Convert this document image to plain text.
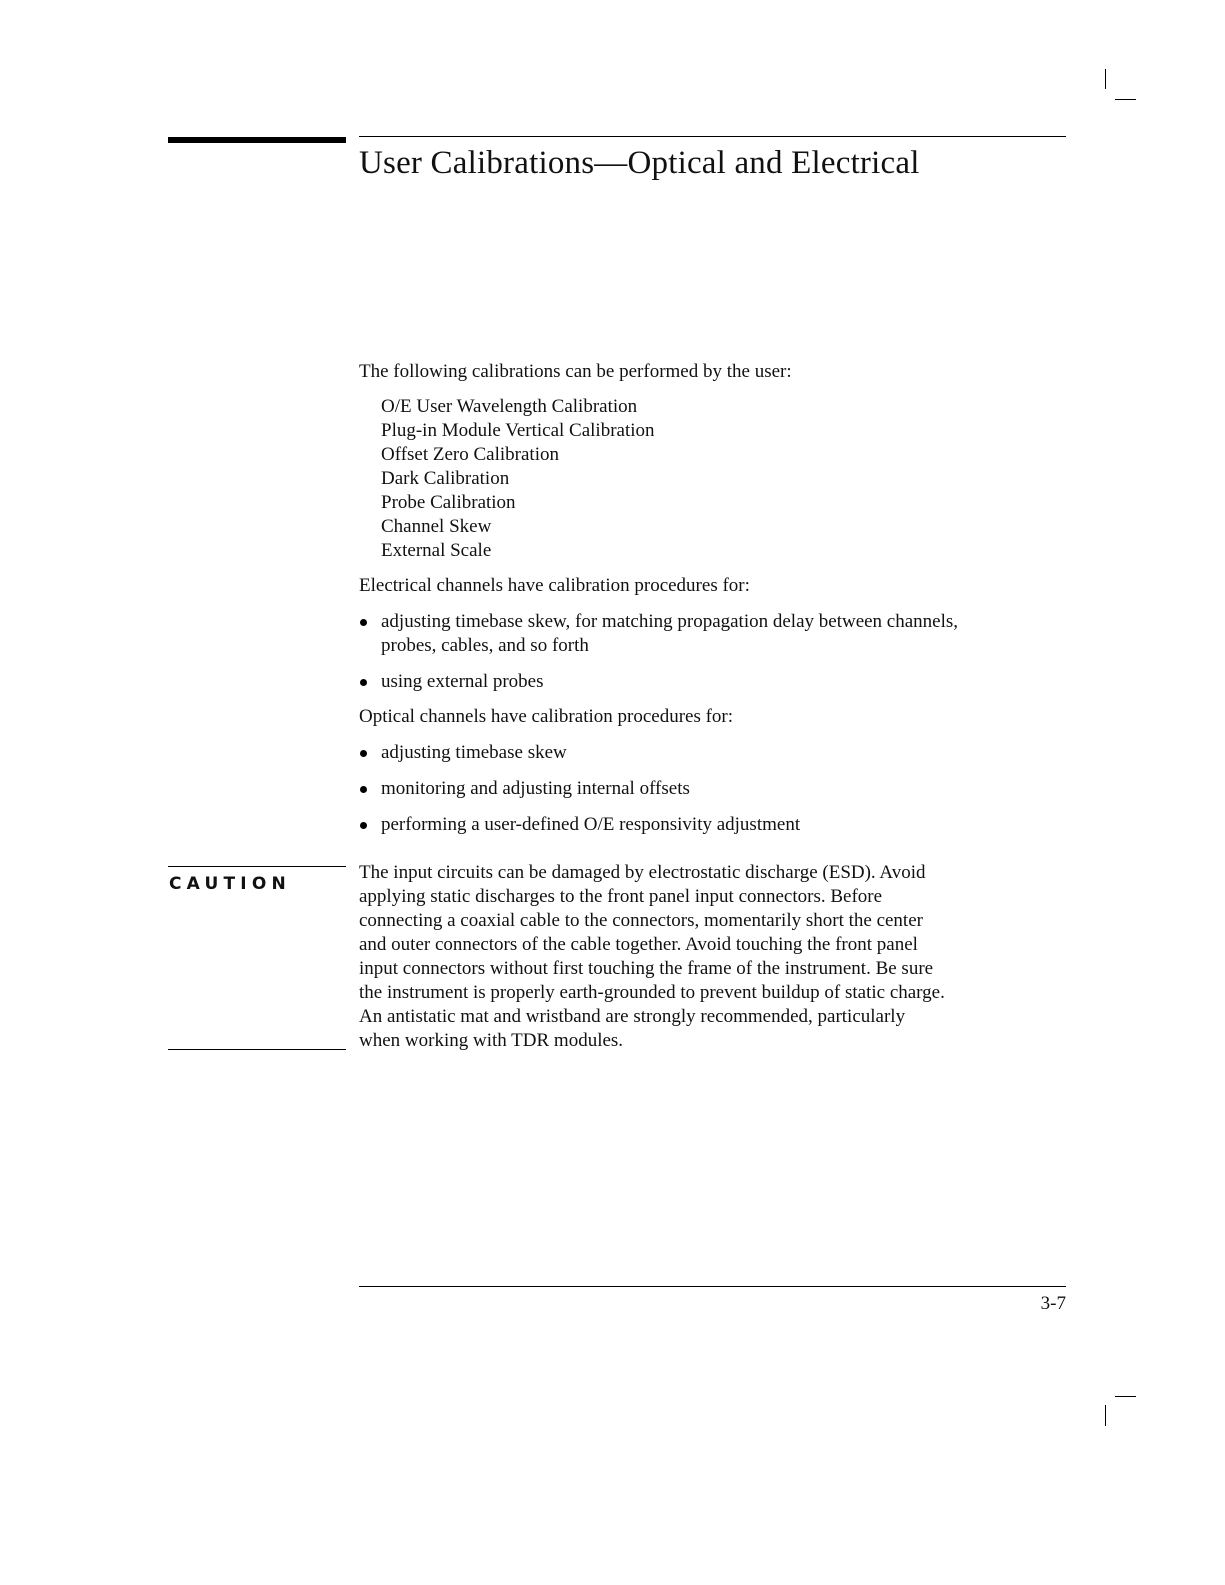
User Calibrations—Optical and Electrical
The following calibrations can be performed by the user:
O/E User Wavelength Calibration
Plug-in Module Vertical Calibration
Offset Zero Calibration
Dark Calibration
Probe Calibration
Channel Skew
External Scale
Electrical channels have calibration procedures for:
adjusting timebase skew, for matching propagation delay between channels,
probes, cables, and so forth
using external probes
Optical channels have calibration procedures for:
adjusting timebase skew
monitoring and adjusting internal offsets
performing a user-defined O/E responsivity adjustment
CAUTION
The input circuits can be damaged by electrostatic discharge (ESD). Avoid
applying static discharges to the front panel input connectors. Before
connecting a coaxial cable to the connectors, momentarily short the center
and outer connectors of the cable together. Avoid touching the front panel
input connectors without first touching the frame of the instrument. Be sure
the instrument is properly earth-grounded to prevent buildup of static charge.
An antistatic mat and wristband are strongly recommended, particularly
when working with TDR modules.
3-7
